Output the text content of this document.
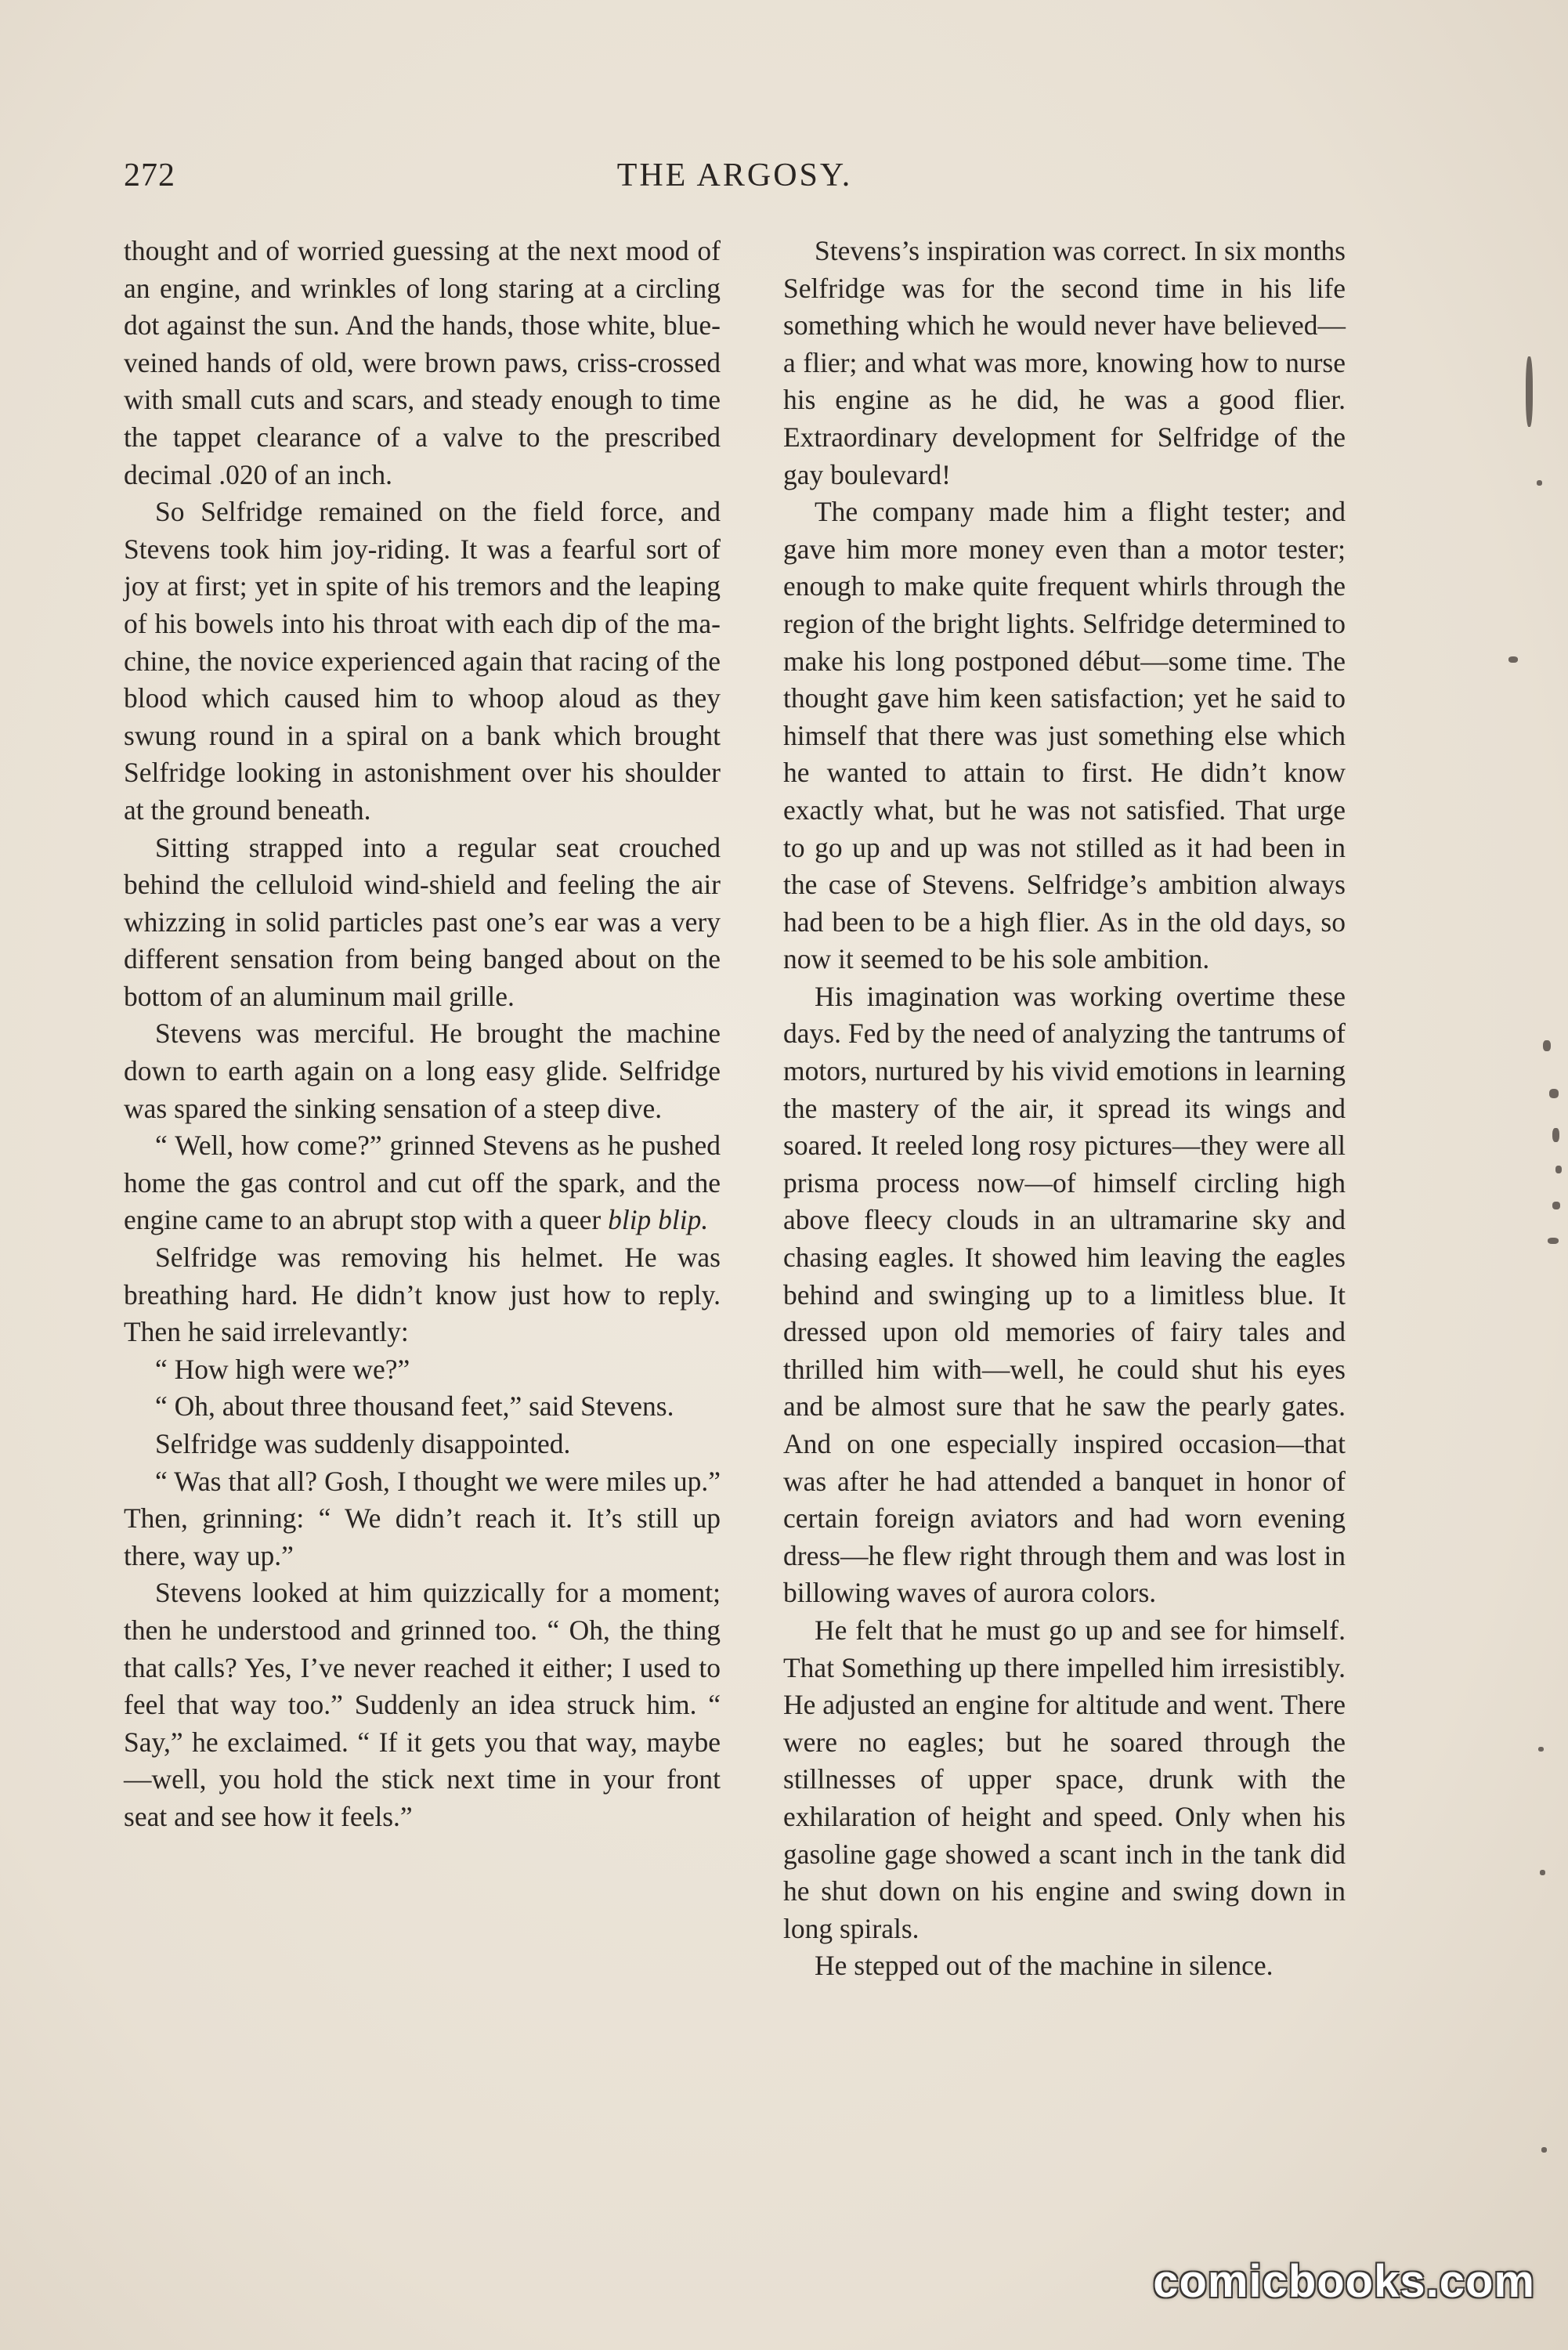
272	THE ARGOSY.

thought and of worried guessing at the next mood of an engine, and wrinkles of long staring at a circling dot against the sun. And the hands, those white, blue-veined hands of old, were brown paws, criss-crossed with small cuts and scars, and steady enough to time the tappet clearance of a valve to the prescribed decimal .020 of an inch.

So Selfridge remained on the field force, and Stevens took him joy-riding. It was a fearful sort of joy at first; yet in spite of his tremors and the leaping of his bowels into his throat with each dip of the machine, the novice experienced again that racing of the blood which caused him to whoop aloud as they swung round in a spiral on a bank which brought Selfridge looking in astonishment over his shoulder at the ground beneath.

Sitting strapped into a regular seat crouched behind the celluloid wind-shield and feeling the air whizzing in solid particles past one’s ear was a very different sensation from being banged about on the bottom of an aluminum mail grille.

Stevens was merciful. He brought the machine down to earth again on a long easy glide. Selfridge was spared the sinking sensation of a steep dive.

“ Well, how come?” grinned Stevens as he pushed home the gas control and cut off the spark, and the engine came to an abrupt stop with a queer blip blip.

Selfridge was removing his helmet. He was breathing hard. He didn’t know just how to reply. Then he said irrelevantly:

“ How high were we?”

“ Oh, about three thousand feet,” said Stevens.

Selfridge was suddenly disappointed.

“ Was that all? Gosh, I thought we were miles up.” Then, grinning: “ We didn’t reach it. It’s still up there, way up.”

Stevens looked at him quizzically for a moment; then he understood and grinned too. “ Oh, the thing that calls? Yes, I’ve never reached it either; I used to feel that way too.” Suddenly an idea struck him. “ Say,” he exclaimed. “ If it gets you that way, maybe—well, you hold the stick next time in your front seat and see how it feels.”

Stevens’s inspiration was correct. In six months Selfridge was for the second time in his life something which he would never have believed—a flier; and what was more, knowing how to nurse his engine as he did, he was a good flier. Extraordinary development for Selfridge of the gay boulevard!

The company made him a flight tester; and gave him more money even than a motor tester; enough to make quite frequent whirls through the region of the bright lights. Selfridge determined to make his long postponed début—some time. The thought gave him keen satisfaction; yet he said to himself that there was just something else which he wanted to attain to first. He didn’t know exactly what, but he was not satisfied. That urge to go up and up was not stilled as it had been in the case of Stevens. Selfridge’s ambition always had been to be a high flier. As in the old days, so now it seemed to be his sole ambition.

His imagination was working overtime these days. Fed by the need of analyzing the tantrums of motors, nurtured by his vivid emotions in learning the mastery of the air, it spread its wings and soared. It reeled long rosy pictures—they were all prisma process now—of himself circling high above fleecy clouds in an ultramarine sky and chasing eagles. It showed him leaving the eagles behind and swinging up to a limitless blue. It dressed upon old memories of fairy tales and thrilled him with—well, he could shut his eyes and be almost sure that he saw the pearly gates. And on one especially inspired occasion—that was after he had attended a banquet in honor of certain foreign aviators and had worn evening dress—he flew right through them and was lost in billowing waves of aurora colors.

He felt that he must go up and see for himself. That Something up there impelled him irresistibly. He adjusted an engine for altitude and went. There were no eagles; but he soared through the stillnesses of upper space, drunk with the exhilaration of height and speed. Only when his gasoline gage showed a scant inch in the tank did he shut down on his engine and swing down in long spirals.

He stepped out of the machine in silence.

comicbooks.com
